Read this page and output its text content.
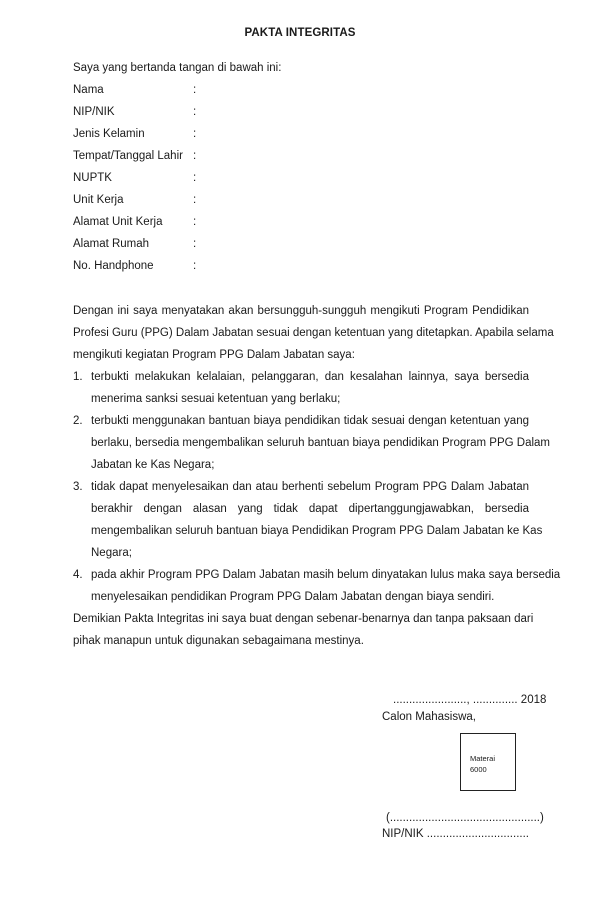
PAKTA INTEGRITAS
Saya yang bertanda tangan di bawah ini:
Nama	:
NIP/NIK	:
Jenis Kelamin	:
Tempat/Tanggal Lahir :
NUPTK	:
Unit Kerja	:
Alamat Unit Kerja	:
Alamat Rumah	:
No. Handphone	:
Dengan ini saya menyatakan akan bersungguh-sungguh mengikuti Program Pendidikan
Profesi Guru (PPG) Dalam Jabatan sesuai dengan ketentuan yang ditetapkan. Apabila selama
mengikuti kegiatan Program PPG Dalam Jabatan saya:
1. terbukti melakukan kelalaian, pelanggaran, dan kesalahan lainnya, saya bersedia
menerima sanksi sesuai ketentuan yang berlaku;
2. terbukti menggunakan bantuan biaya pendidikan tidak sesuai dengan ketentuan yang
berlaku, bersedia mengembalikan seluruh bantuan biaya pendidikan Program PPG Dalam
Jabatan ke Kas Negara;
3. tidak dapat menyelesaikan dan atau berhenti sebelum Program PPG Dalam Jabatan
berakhir dengan alasan yang tidak dapat dipertanggungjawabkan, bersedia
mengembalikan seluruh bantuan biaya Pendidikan Program PPG Dalam Jabatan ke Kas
Negara;
4. pada akhir Program PPG Dalam Jabatan masih belum dinyatakan lulus maka saya bersedia
menyelesaikan pendidikan Program PPG Dalam Jabatan dengan biaya sendiri.
Demikian Pakta Integritas ini saya buat dengan sebenar-benarnya dan tanpa paksaan dari
pihak manapun untuk digunakan sebagaimana mestinya.
......................., .............. 2018
Calon Mahasiswa,
Materai
6000
(...............................................)
NIP/NIK ................................
